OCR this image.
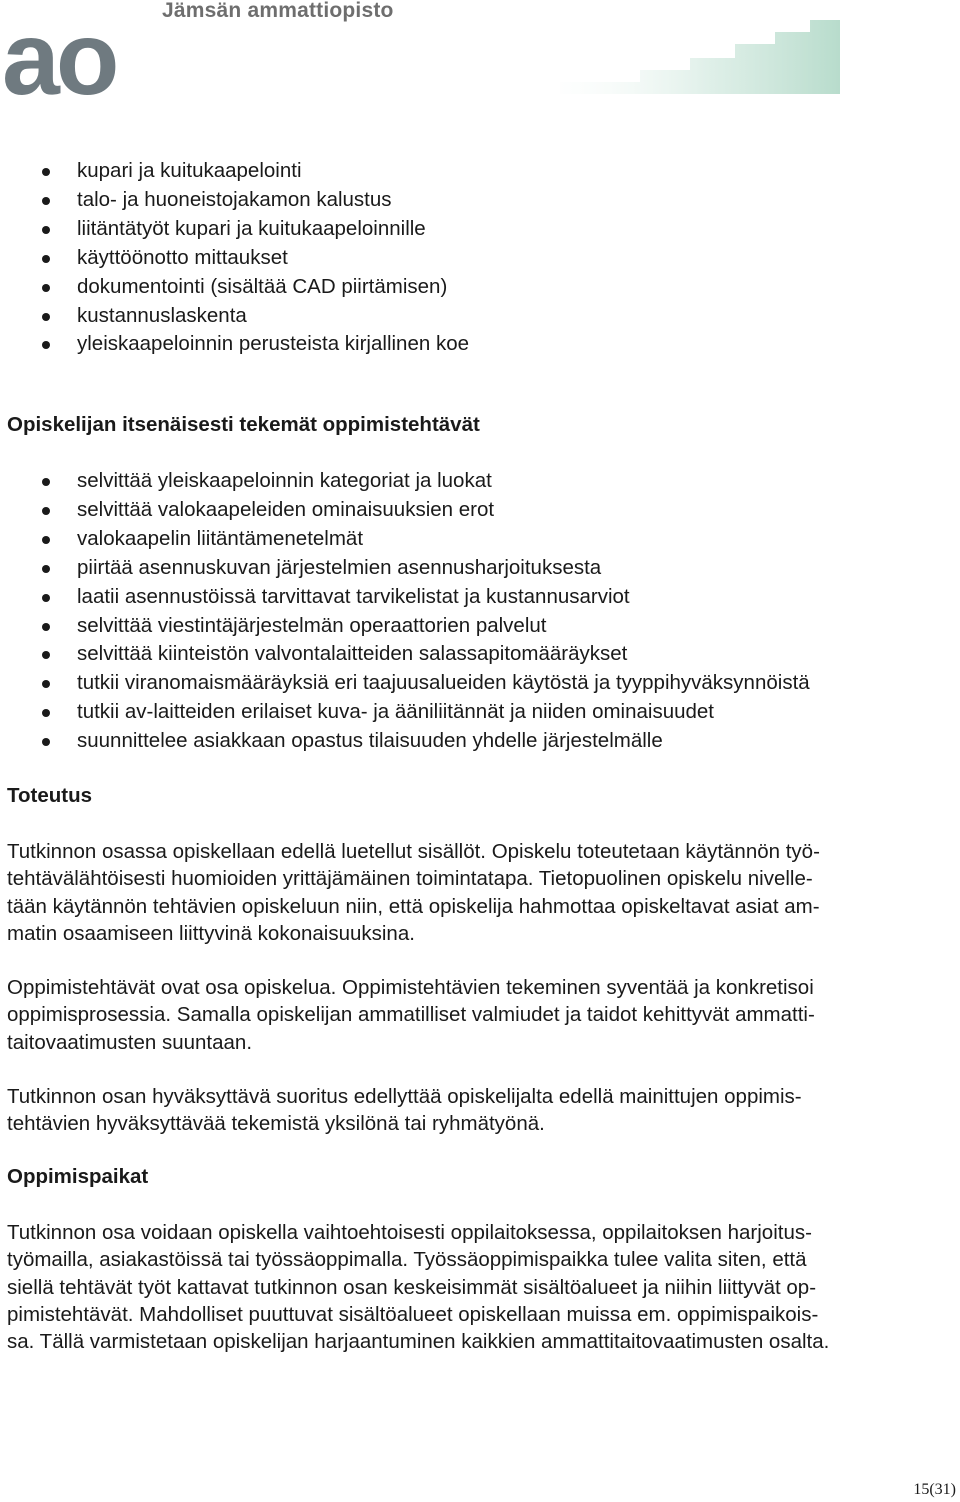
ao Jämsän ammattiopisto
kupari ja kuitukaapelointi
talo- ja huoneistojakamon kalustus
liitäntätyöt kupari ja kuitukaapeloinnille
käyttöönotto mittaukset
dokumentointi (sisältää CAD piirtämisen)
kustannuslaskenta
yleiskaapeloinnin perusteista kirjallinen koe
Opiskelijan itsenäisesti tekemät oppimistehtävät
selvittää yleiskaapeloinnin kategoriat ja luokat
selvittää valokaapeleiden ominaisuuksien erot
valokaapelin liitäntämenetelmät
piirtää asennuskuvan järjestelmien asennusharjoituksesta
laatii asennustöissä tarvittavat tarvikelistat ja kustannusarviot
selvittää viestintäjärjestelmän operaattorien palvelut
selvittää kiinteistön valvontalaitteiden salassapitomääräykset
tutkii viranomaismääräyksiä eri taajuusalueiden käytöstä ja tyyppihyväksynnöistä
tutkii av-laitteiden erilaiset kuva- ja ääniliitännät ja niiden ominaisuudet
suunnittelee asiakkaan opastus tilaisuuden yhdelle järjestelmälle
Toteutus

Tutkinnon osassa opiskellaan edellä luetellut sisällöt. Opiskelu toteutetaan käytännön työ-
tehtävälähtöisesti huomioiden yrittäjämäinen toimintatapa. Tietopuolinen opiskelu nivelle-
tään käytännön tehtävien opiskeluun niin, että opiskelija hahmottaa opiskeltavat asiat am-
matin osaamiseen liittyvinä kokonaisuuksina.

Oppimistehtävät ovat osa opiskelua. Oppimistehtävien tekeminen syventää ja konkretisoi
oppimisprosessia. Samalla opiskelijan ammatilliset valmiudet ja taidot kehittyvät ammatti-
taitovaatimusten suuntaan.

Tutkinnon osan hyväksyttävä suoritus edellyttää opiskelijalta edellä mainittujen oppimis-
tehtävien hyväksyttävää tekemistä yksilönä tai ryhmätyönä.

Oppimispaikat

Tutkinnon osa voidaan opiskella vaihtoehtoisesti oppilaitoksessa, oppilaitoksen harjoitus-
työmailla, asiakastöissä tai työssäoppimalla. Työssäoppimispaikka tulee valita siten, että
siellä tehtävät työt kattavat tutkinnon osan keskeisimmät sisältöalueet ja niihin liittyvät op-
pimistehtävät. Mahdolliset puuttuvat sisältöalueet opiskellaan muissa em. oppimispaikois-
sa. Tällä varmistetaan opiskelijan harjaantuminen kaikkien ammattitaitovaatimusten osalta.

15(31)
